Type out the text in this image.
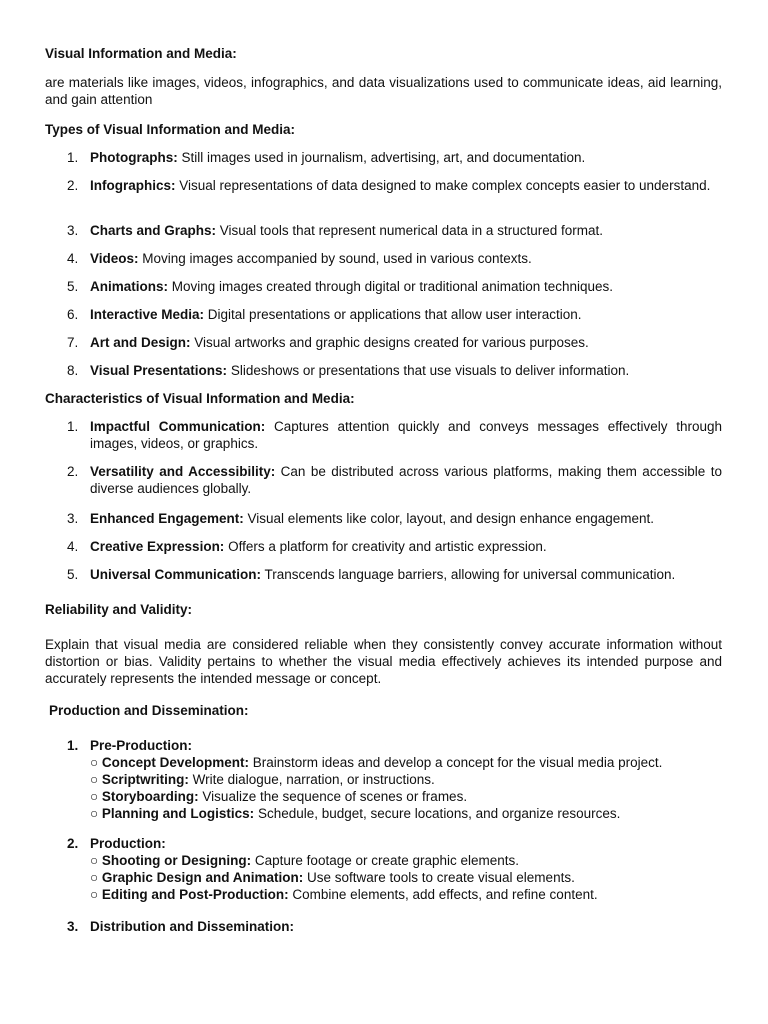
Visual Information and Media:
are materials like images, videos, infographics, and data visualizations used to communicate ideas, aid learning, and gain attention
Types of Visual Information and Media:
1. Photographs: Still images used in journalism, advertising, art, and documentation.
2. Infographics: Visual representations of data designed to make complex concepts easier to understand.
3. Charts and Graphs: Visual tools that represent numerical data in a structured format.
4. Videos: Moving images accompanied by sound, used in various contexts.
5. Animations: Moving images created through digital or traditional animation techniques.
6. Interactive Media: Digital presentations or applications that allow user interaction.
7. Art and Design: Visual artworks and graphic designs created for various purposes.
8. Visual Presentations: Slideshows or presentations that use visuals to deliver information.
Characteristics of Visual Information and Media:
1. Impactful Communication: Captures attention quickly and conveys messages effectively through images, videos, or graphics.
2. Versatility and Accessibility: Can be distributed across various platforms, making them accessible to diverse audiences globally.
3. Enhanced Engagement: Visual elements like color, layout, and design enhance engagement.
4. Creative Expression: Offers a platform for creativity and artistic expression.
5. Universal Communication: Transcends language barriers, allowing for universal communication.
Reliability and Validity:
Explain that visual media are considered reliable when they consistently convey accurate information without distortion or bias. Validity pertains to whether the visual media effectively achieves its intended purpose and accurately represents the intended message or concept.
Production and Dissemination:
1. Pre-Production:
○ Concept Development: Brainstorm ideas and develop a concept for the visual media project.
○ Scriptwriting: Write dialogue, narration, or instructions.
○ Storyboarding: Visualize the sequence of scenes or frames.
○ Planning and Logistics: Schedule, budget, secure locations, and organize resources.
2. Production:
○ Shooting or Designing: Capture footage or create graphic elements.
○ Graphic Design and Animation: Use software tools to create visual elements.
○ Editing and Post-Production: Combine elements, add effects, and refine content.
3. Distribution and Dissemination:
